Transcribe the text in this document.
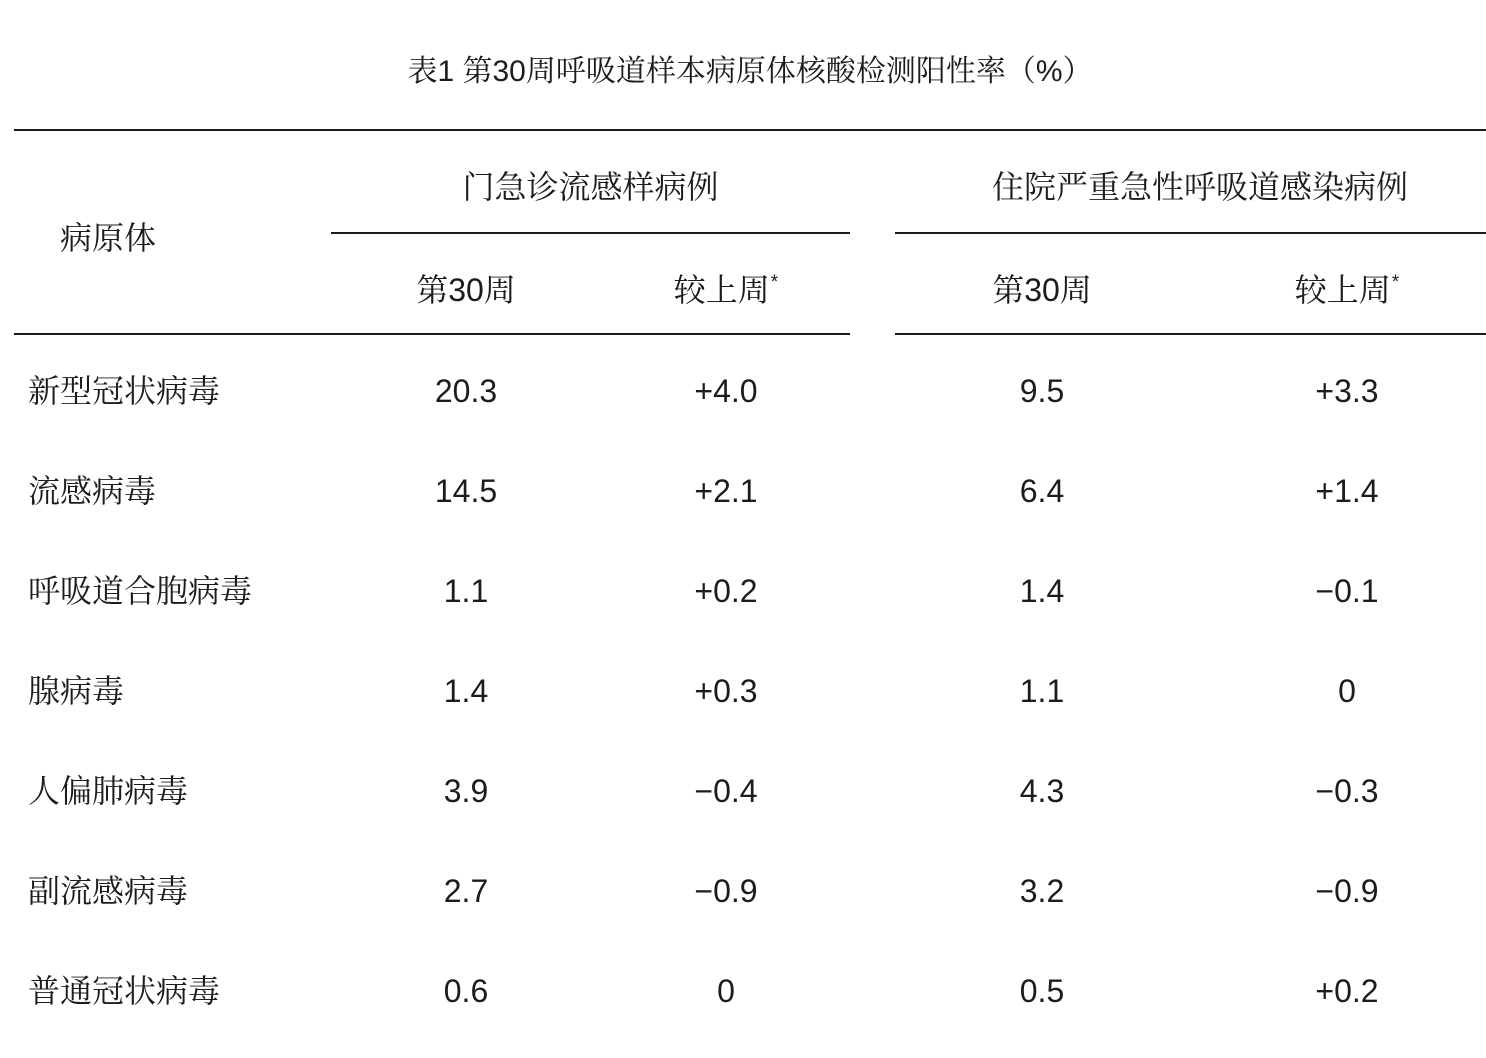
表1 第30周呼吸道样本病原体核酸检测阳性率（%）
病原体
门急诊流感样病例	住院严重急性呼吸道感染病例
第30周	较上周*	第30周	较上周*
新型冠状病毒	20.3	+4.0	9.5	+3.3
流感病毒	14.5	+2.1	6.4	+1.4
呼吸道合胞病毒	1.1	+0.2	1.4	−0.1
腺病毒	1.4	+0.3	1.1	0
人偏肺病毒	3.9	−0.4	4.3	−0.3
副流感病毒	2.7	−0.9	3.2	−0.9
普通冠状病毒	0.6	0	0.5	+0.2
